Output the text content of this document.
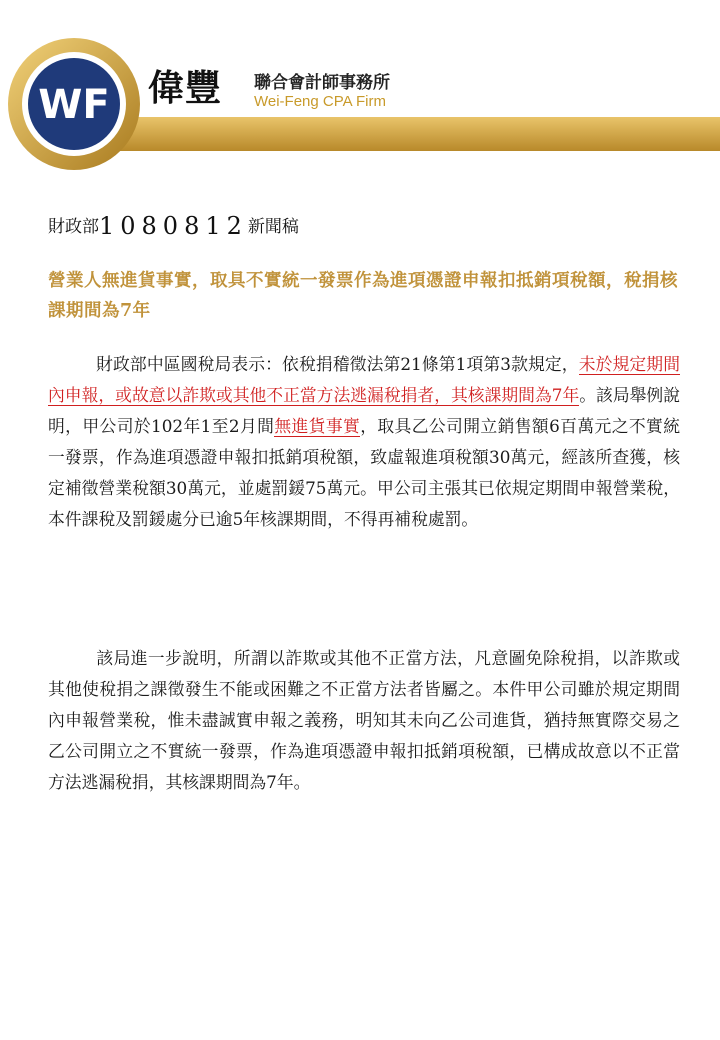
WF 偉豐 聯合會計師事務所
Wei-Feng CPA Firm
財政部1080812新聞稿
營業人無進貨事實，取具不實統一發票作為進項憑證申報扣抵銷項稅額，稅捐核課期間為7年
財政部中區國稅局表示：依稅捐稽徵法第21條第1項第3款規定，未於規定期間內申報，或故意以詐欺或其他不正當方法逃漏稅捐者，其核課期間為7年。該局舉例說明，甲公司於102年1至2月間無進貨事實，取具乙公司開立銷售額6百萬元之不實統一發票，作為進項憑證申報扣抵銷項稅額，致虛報進項稅額30萬元，經該所查獲，核定補徵營業稅額30萬元，並處罰鍰75萬元。甲公司主張其已依規定期間申報營業稅，本件課稅及罰鍰處分已逾5年核課期間，不得再補稅處罰。
該局進一步說明，所謂以詐欺或其他不正當方法，凡意圖免除稅捐，以詐欺或其他使稅捐之課徵發生不能或困難之不正當方法者皆屬之。本件甲公司雖於規定期間內申報營業稅，惟未盡誠實申報之義務，明知其未向乙公司進貨，猶持無實際交易之乙公司開立之不實統一發票，作為進項憑證申報扣抵銷項稅額，已構成故意以不正當方法逃漏稅捐，其核課期間為7年。
